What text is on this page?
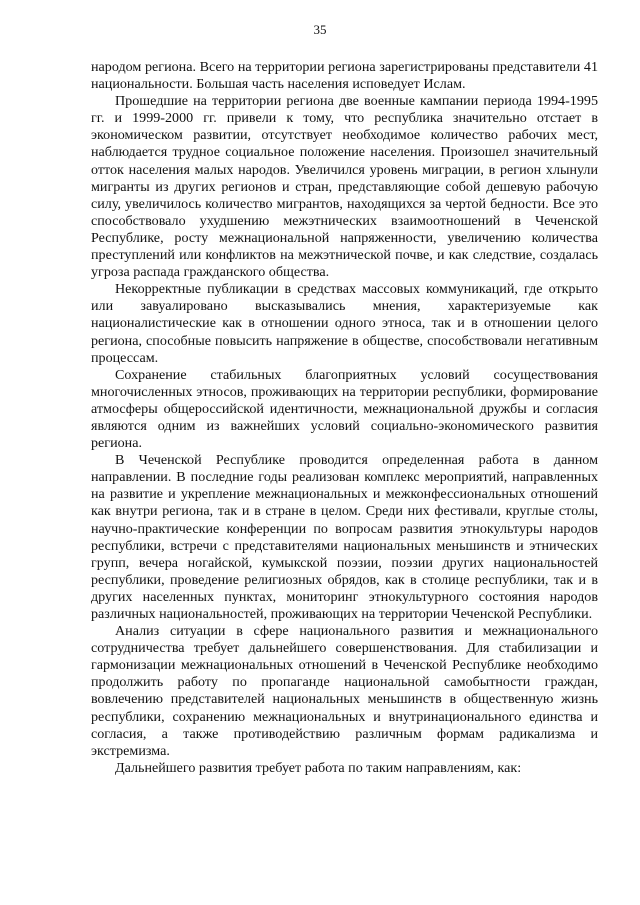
35

народом региона. Всего на территории региона зарегистрированы представители 41 национальности. Большая часть населения исповедует Ислам.

Прошедшие на территории региона две военные кампании периода 1994-1995 гг. и 1999-2000 гг. привели к тому, что республика значительно отстает в экономическом развитии, отсутствует необходимое количество рабочих мест, наблюдается трудное социальное положение населения. Произошел значительный отток населения малых народов. Увеличился уровень миграции, в регион хлынули мигранты из других регионов и стран, представляющие собой дешевую рабочую силу, увеличилось количество мигрантов, находящихся за чертой бедности. Все это способствовало ухудшению межэтнических взаимоотношений в Чеченской Республике, росту межнациональной напряженности, увеличению количества преступлений или конфликтов на межэтнической почве, и как следствие, создалась угроза распада гражданского общества.

Некорректные публикации в средствах массовых коммуникаций, где открыто или завуалировано высказывались мнения, характеризуемые как националистические как в отношении одного этноса, так и в отношении целого региона, способные повысить напряжение в обществе, способствовали негативным процессам.

Сохранение стабильных благоприятных условий сосуществования многочисленных этносов, проживающих на территории республики, формирование атмосферы общероссийской идентичности, межнациональной дружбы и согласия являются одним из важнейших условий социально-экономического развития региона.

В Чеченской Республике проводится определенная работа в данном направлении. В последние годы реализован комплекс мероприятий, направленных на развитие и укрепление межнациональных и межконфессиональных отношений как внутри региона, так и в стране в целом. Среди них фестивали, круглые столы, научно-практические конференции по вопросам развития этнокультуры народов республики, встречи с представителями национальных меньшинств и этнических групп, вечера ногайской, кумыкской поэзии, поэзии других национальностей республики, проведение религиозных обрядов, как в столице республики, так и в других населенных пунктах, мониторинг этнокультурного состояния народов различных национальностей, проживающих на территории Чеченской Республики.

Анализ ситуации в сфере национального развития и межнационального сотрудничества требует дальнейшего совершенствования. Для стабилизации и гармонизации межнациональных отношений в Чеченской Республике необходимо продолжить работу по пропаганде национальной самобытности граждан, вовлечению представителей национальных меньшинств в общественную жизнь республики, сохранению межнациональных и внутринационального единства и согласия, а также противодействию различным формам радикализма и экстремизма.

Дальнейшего развития требует работа по таким направлениям, как:
